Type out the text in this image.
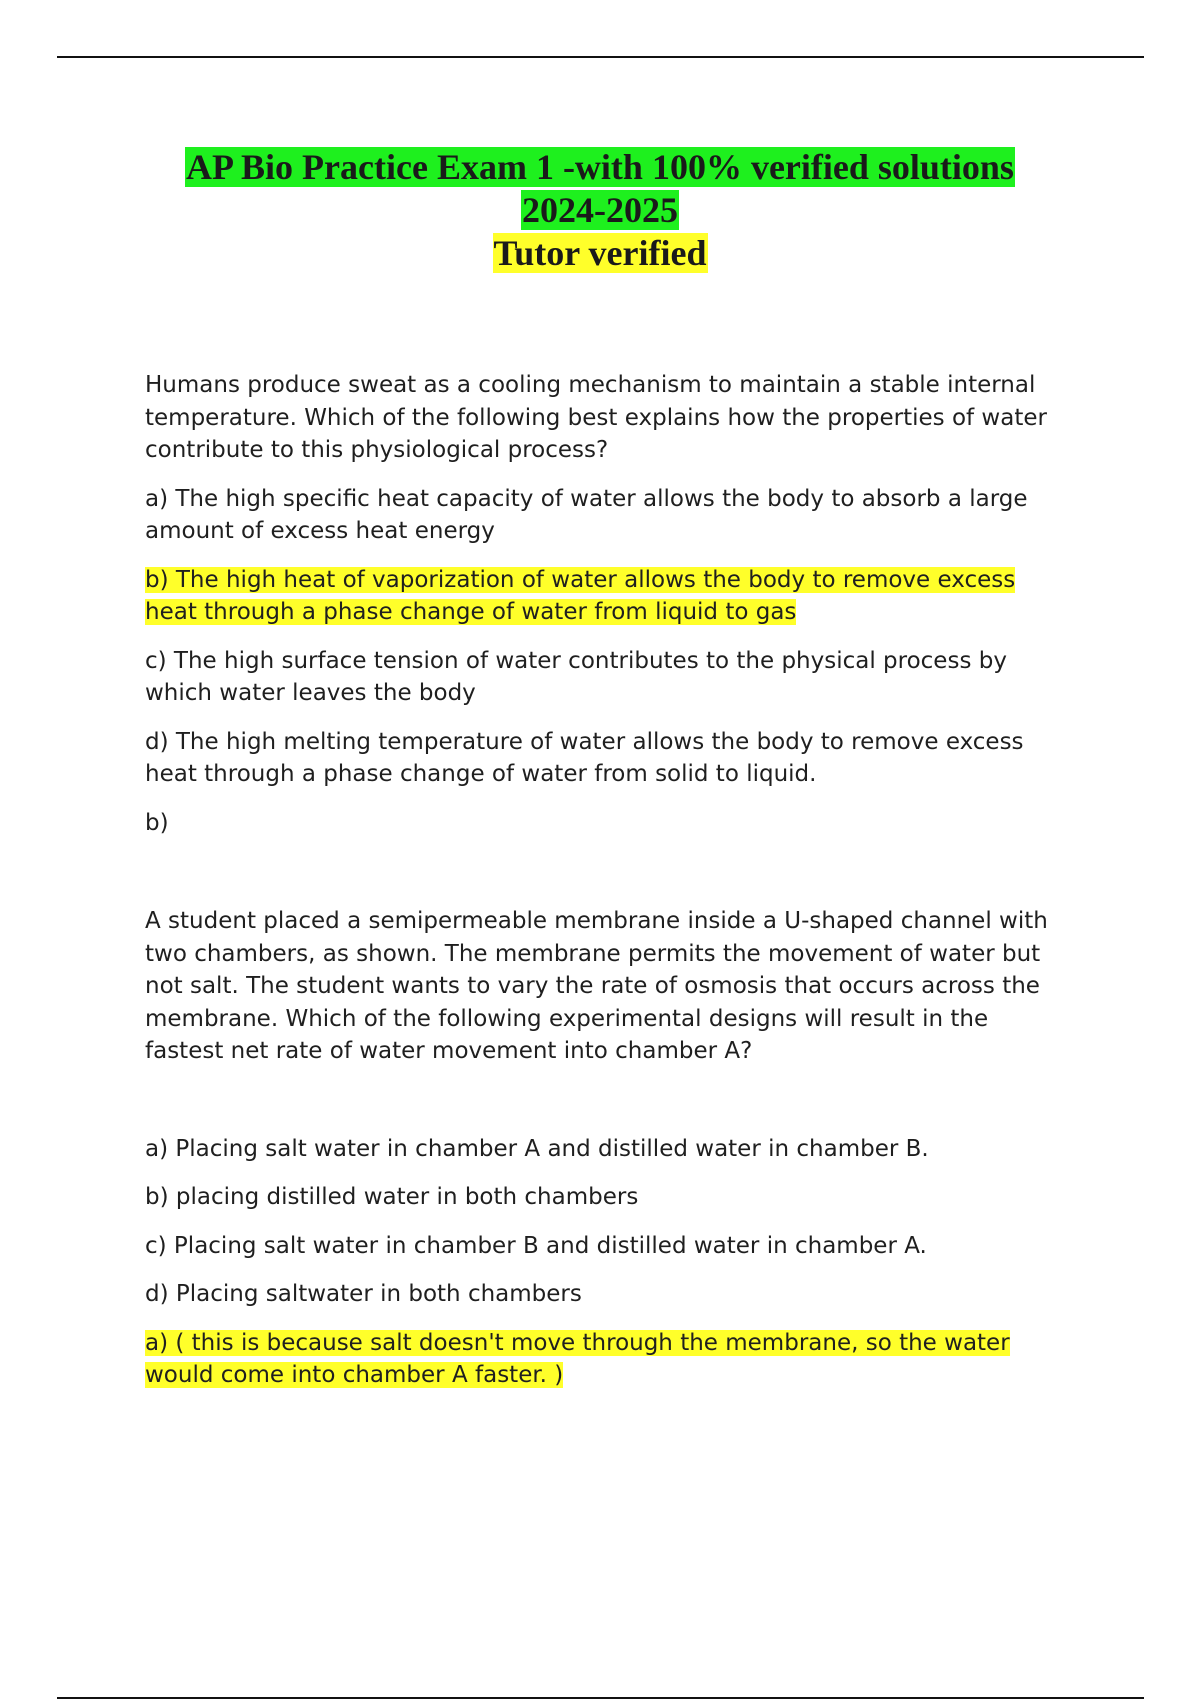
AP Bio Practice Exam 1 -with 100% verified solutions
2024-2025
Tutor verified

Humans produce sweat as a cooling mechanism to maintain a stable internal temperature. Which of the following best explains how the properties of water contribute to this physiological process?

a) The high specific heat capacity of water allows the body to absorb a large amount of excess heat energy

b) The high heat of vaporization of water allows the body to remove excess heat through a phase change of water from liquid to gas

c) The high surface tension of water contributes to the physical process by which water leaves the body

d) The high melting temperature of water allows the body to remove excess heat through a phase change of water from solid to liquid.

b)

A student placed a semipermeable membrane inside a U-shaped channel with two chambers, as shown. The membrane permits the movement of water but not salt. The student wants to vary the rate of osmosis that occurs across the membrane. Which of the following experimental designs will result in the fastest net rate of water movement into chamber A?

a) Placing salt water in chamber A and distilled water in chamber B.

b) placing distilled water in both chambers

c) Placing salt water in chamber B and distilled water in chamber A.

d) Placing saltwater in both chambers

a) ( this is because salt doesn't move through the membrane, so the water would come into chamber A faster. )
